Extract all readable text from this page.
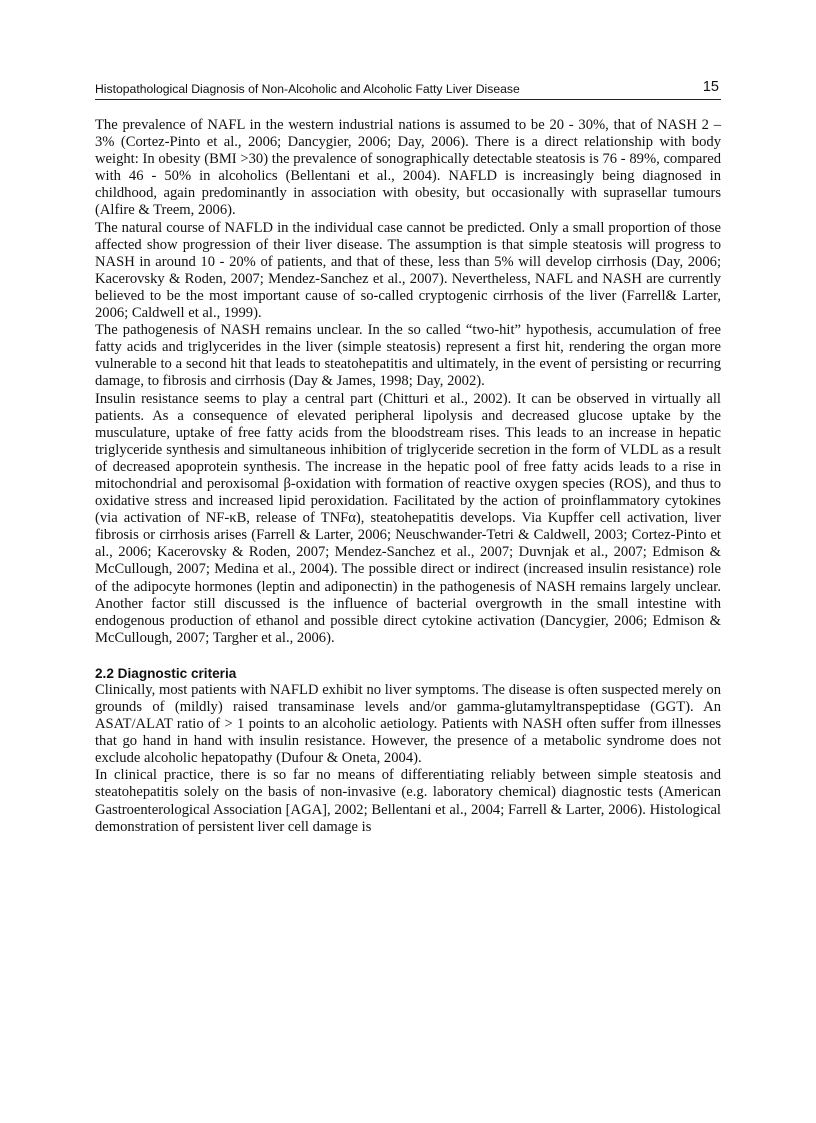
Histopathological Diagnosis of Non-Alcoholic and Alcoholic Fatty Liver Disease	15

The prevalence of NAFL in the western industrial nations is assumed to be 20 - 30%, that of NASH 2 – 3% (Cortez-Pinto et al., 2006; Dancygier, 2006; Day, 2006). There is a direct relationship with body weight: In obesity (BMI >30) the prevalence of sonographically detectable steatosis is 76 - 89%, compared with 46 - 50% in alcoholics (Bellentani et al., 2004). NAFLD is increasingly being diagnosed in childhood, again predominantly in association with obesity, but occasionally with suprasellar tumours (Alfire & Treem, 2006).

The natural course of NAFLD in the individual case cannot be predicted. Only a small proportion of those affected show progression of their liver disease. The assumption is that simple steatosis will progress to NASH in around 10 - 20% of patients, and that of these, less than 5% will develop cirrhosis (Day, 2006; Kacerovsky & Roden, 2007; Mendez-Sanchez et al., 2007). Nevertheless, NAFL and NASH are currently believed to be the most important cause of so-called cryptogenic cirrhosis of the liver (Farrell& Larter, 2006; Caldwell et al., 1999).

The pathogenesis of NASH remains unclear. In the so called “two-hit” hypothesis, accumulation of free fatty acids and triglycerides in the liver (simple steatosis) represent a first hit, rendering the organ more vulnerable to a second hit that leads to steatohepatitis and ultimately, in the event of persisting or recurring damage, to fibrosis and cirrhosis (Day & James, 1998; Day, 2002).

Insulin resistance seems to play a central part (Chitturi et al., 2002). It can be observed in virtually all patients. As a consequence of elevated peripheral lipolysis and decreased glucose uptake by the musculature, uptake of free fatty acids from the bloodstream rises. This leads to an increase in hepatic triglyceride synthesis and simultaneous inhibition of triglyceride secretion in the form of VLDL as a result of decreased apoprotein synthesis. The increase in the hepatic pool of free fatty acids leads to a rise in mitochondrial and peroxisomal β-oxidation with formation of reactive oxygen species (ROS), and thus to oxidative stress and increased lipid peroxidation. Facilitated by the action of proinflammatory cytokines (via activation of NF-κB, release of TNFα), steatohepatitis develops. Via Kupffer cell activation, liver fibrosis or cirrhosis arises (Farrell & Larter, 2006; Neuschwander-Tetri & Caldwell, 2003; Cortez-Pinto et al., 2006; Kacerovsky & Roden, 2007; Mendez-Sanchez et al., 2007; Duvnjak et al., 2007; Edmison & McCullough, 2007; Medina et al., 2004). The possible direct or indirect (increased insulin resistance) role of the adipocyte hormones (leptin and adiponectin) in the pathogenesis of NASH remains largely unclear. Another factor still discussed is the influence of bacterial overgrowth in the small intestine with endogenous production of ethanol and possible direct cytokine activation (Dancygier, 2006; Edmison & McCullough, 2007; Targher et al., 2006).

2.2 Diagnostic criteria

Clinically, most patients with NAFLD exhibit no liver symptoms. The disease is often suspected merely on grounds of (mildly) raised transaminase levels and/or gamma-glutamyltranspeptidase (GGT). An ASAT/ALAT ratio of > 1 points to an alcoholic aetiology. Patients with NASH often suffer from illnesses that go hand in hand with insulin resistance. However, the presence of a metabolic syndrome does not exclude alcoholic hepatopathy (Dufour & Oneta, 2004).

In clinical practice, there is so far no means of differentiating reliably between simple steatosis and steatohepatitis solely on the basis of non-invasive (e.g. laboratory chemical) diagnostic tests (American Gastroenterological Association [AGA], 2002; Bellentani et al., 2004; Farrell & Larter, 2006). Histological demonstration of persistent liver cell damage is
